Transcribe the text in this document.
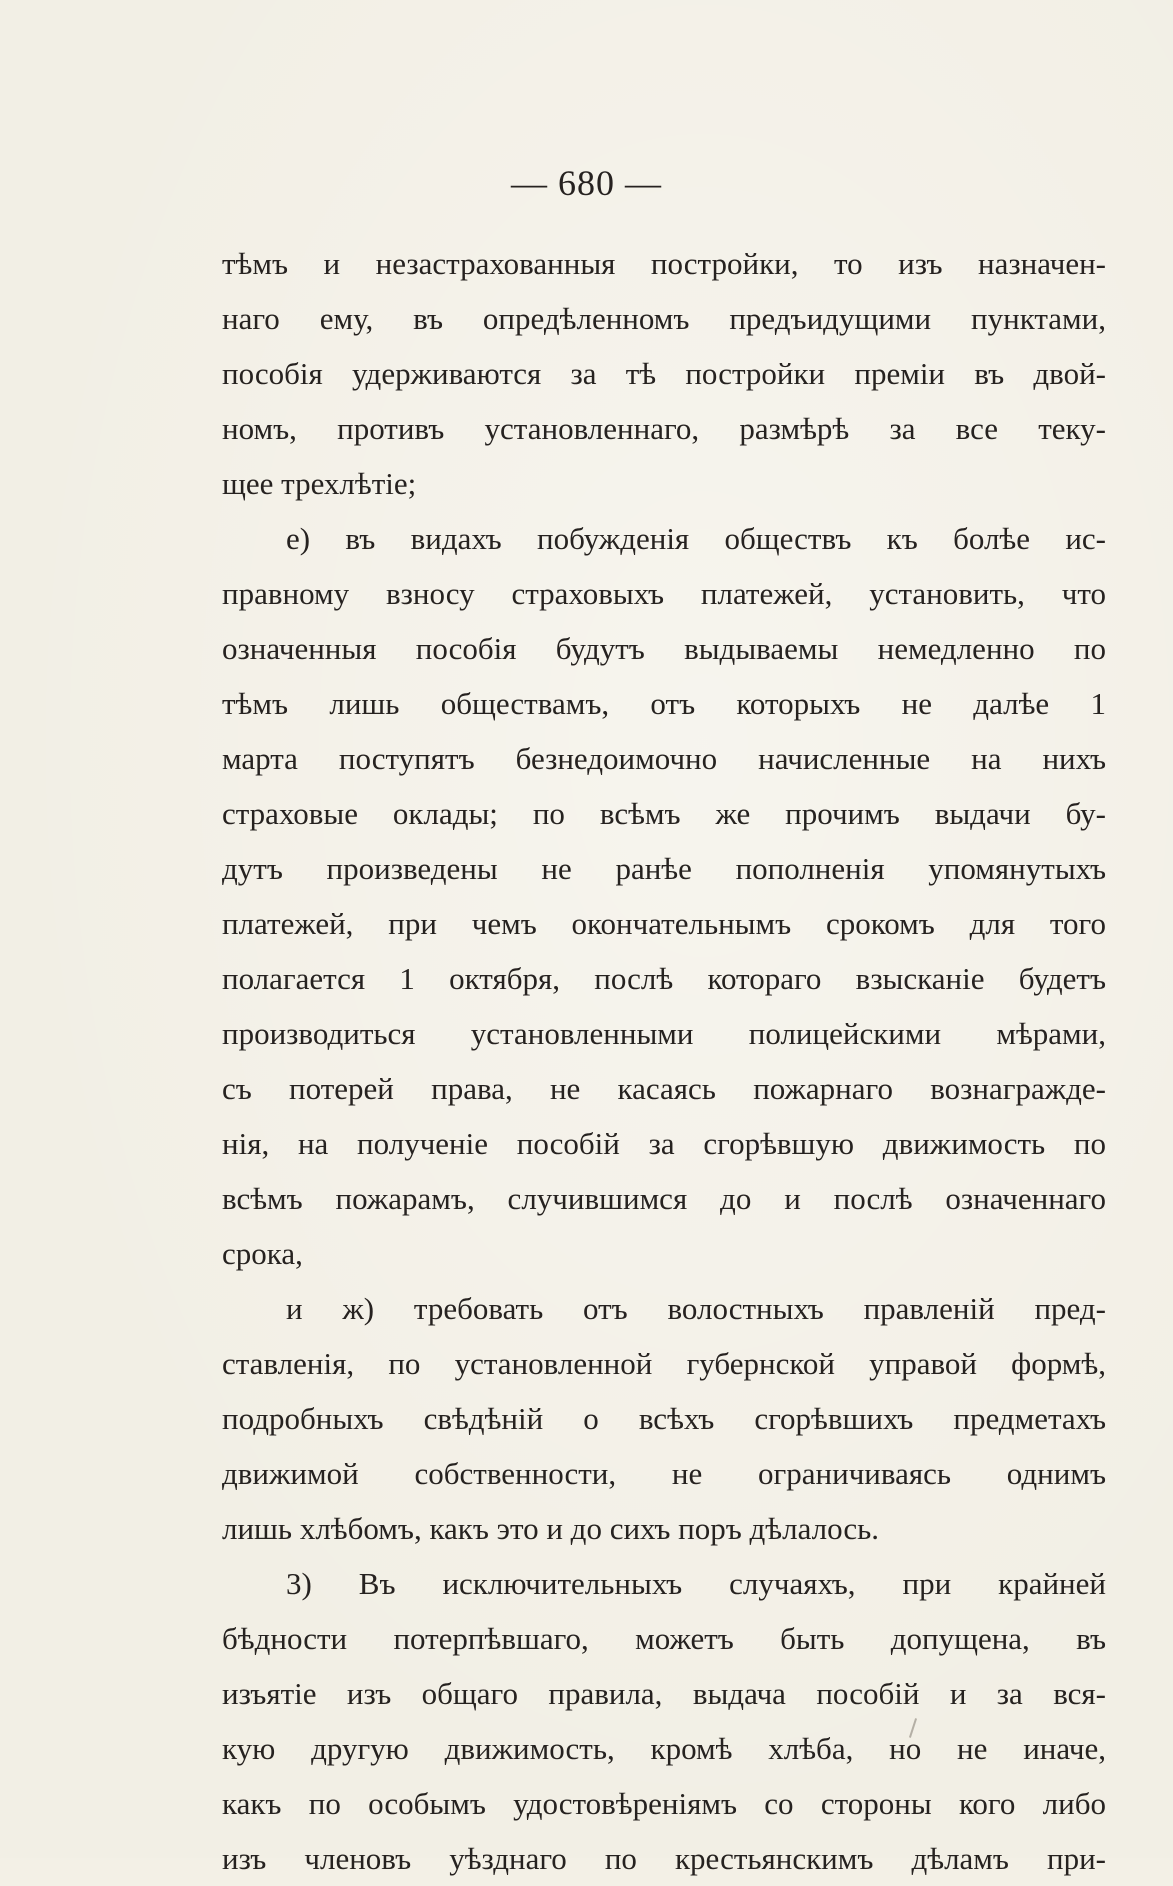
— 680 —
тѣмъ и незастрахованныя постройки, то изъ назначен-
наго ему, въ опредѣленномъ предъидущими пунктами,
пособія удерживаются за тѣ постройки преміи въ двой-
номъ, противъ установленнаго, размѣрѣ за все теку-
щее трехлѣтіе;
е) въ видахъ побужденія обществъ къ болѣе ис-
правному взносу страховыхъ платежей, установить, что
означенныя пособія будутъ выдываемы немедленно по
тѣмъ лишь обществамъ, отъ которыхъ не далѣе 1
марта поступятъ безнедоимочно начисленные на нихъ
страховые оклады; по всѣмъ же прочимъ выдачи бу-
дутъ произведены не ранѣе пополненія упомянутыхъ
платежей, при чемъ окончательнымъ срокомъ для того
полагается 1 октября, послѣ котораго взысканіе будетъ
производиться установленными полицейскими мѣрами,
съ потерей права, не касаясь пожарнаго вознагражде-
нія, на полученіе пособій за сгорѣвшую движимость по
всѣмъ пожарамъ, случившимся до и послѣ означеннаго
срока,
и ж) требовать отъ волостныхъ правленій пред-
ставленія, по установленной губернской управой формѣ,
подробныхъ свѣдѣній о всѣхъ сгорѣвшихъ предметахъ
движимой собственности, не ограничиваясь однимъ
лишь хлѣбомъ, какъ это и до сихъ поръ дѣлалось.
3) Въ исключительныхъ случаяхъ, при крайней
бѣдности потерпѣвшаго, можетъ быть допущена, въ
изъятіе изъ общаго правила, выдача пособій и за вся-
кую другую движимость, кромѣ хлѣба, но не иначе,
какъ по особымъ удостовѣреніямъ со стороны кого либо
изъ членовъ уѣзднаго по крестьянскимъ дѣламъ при-
